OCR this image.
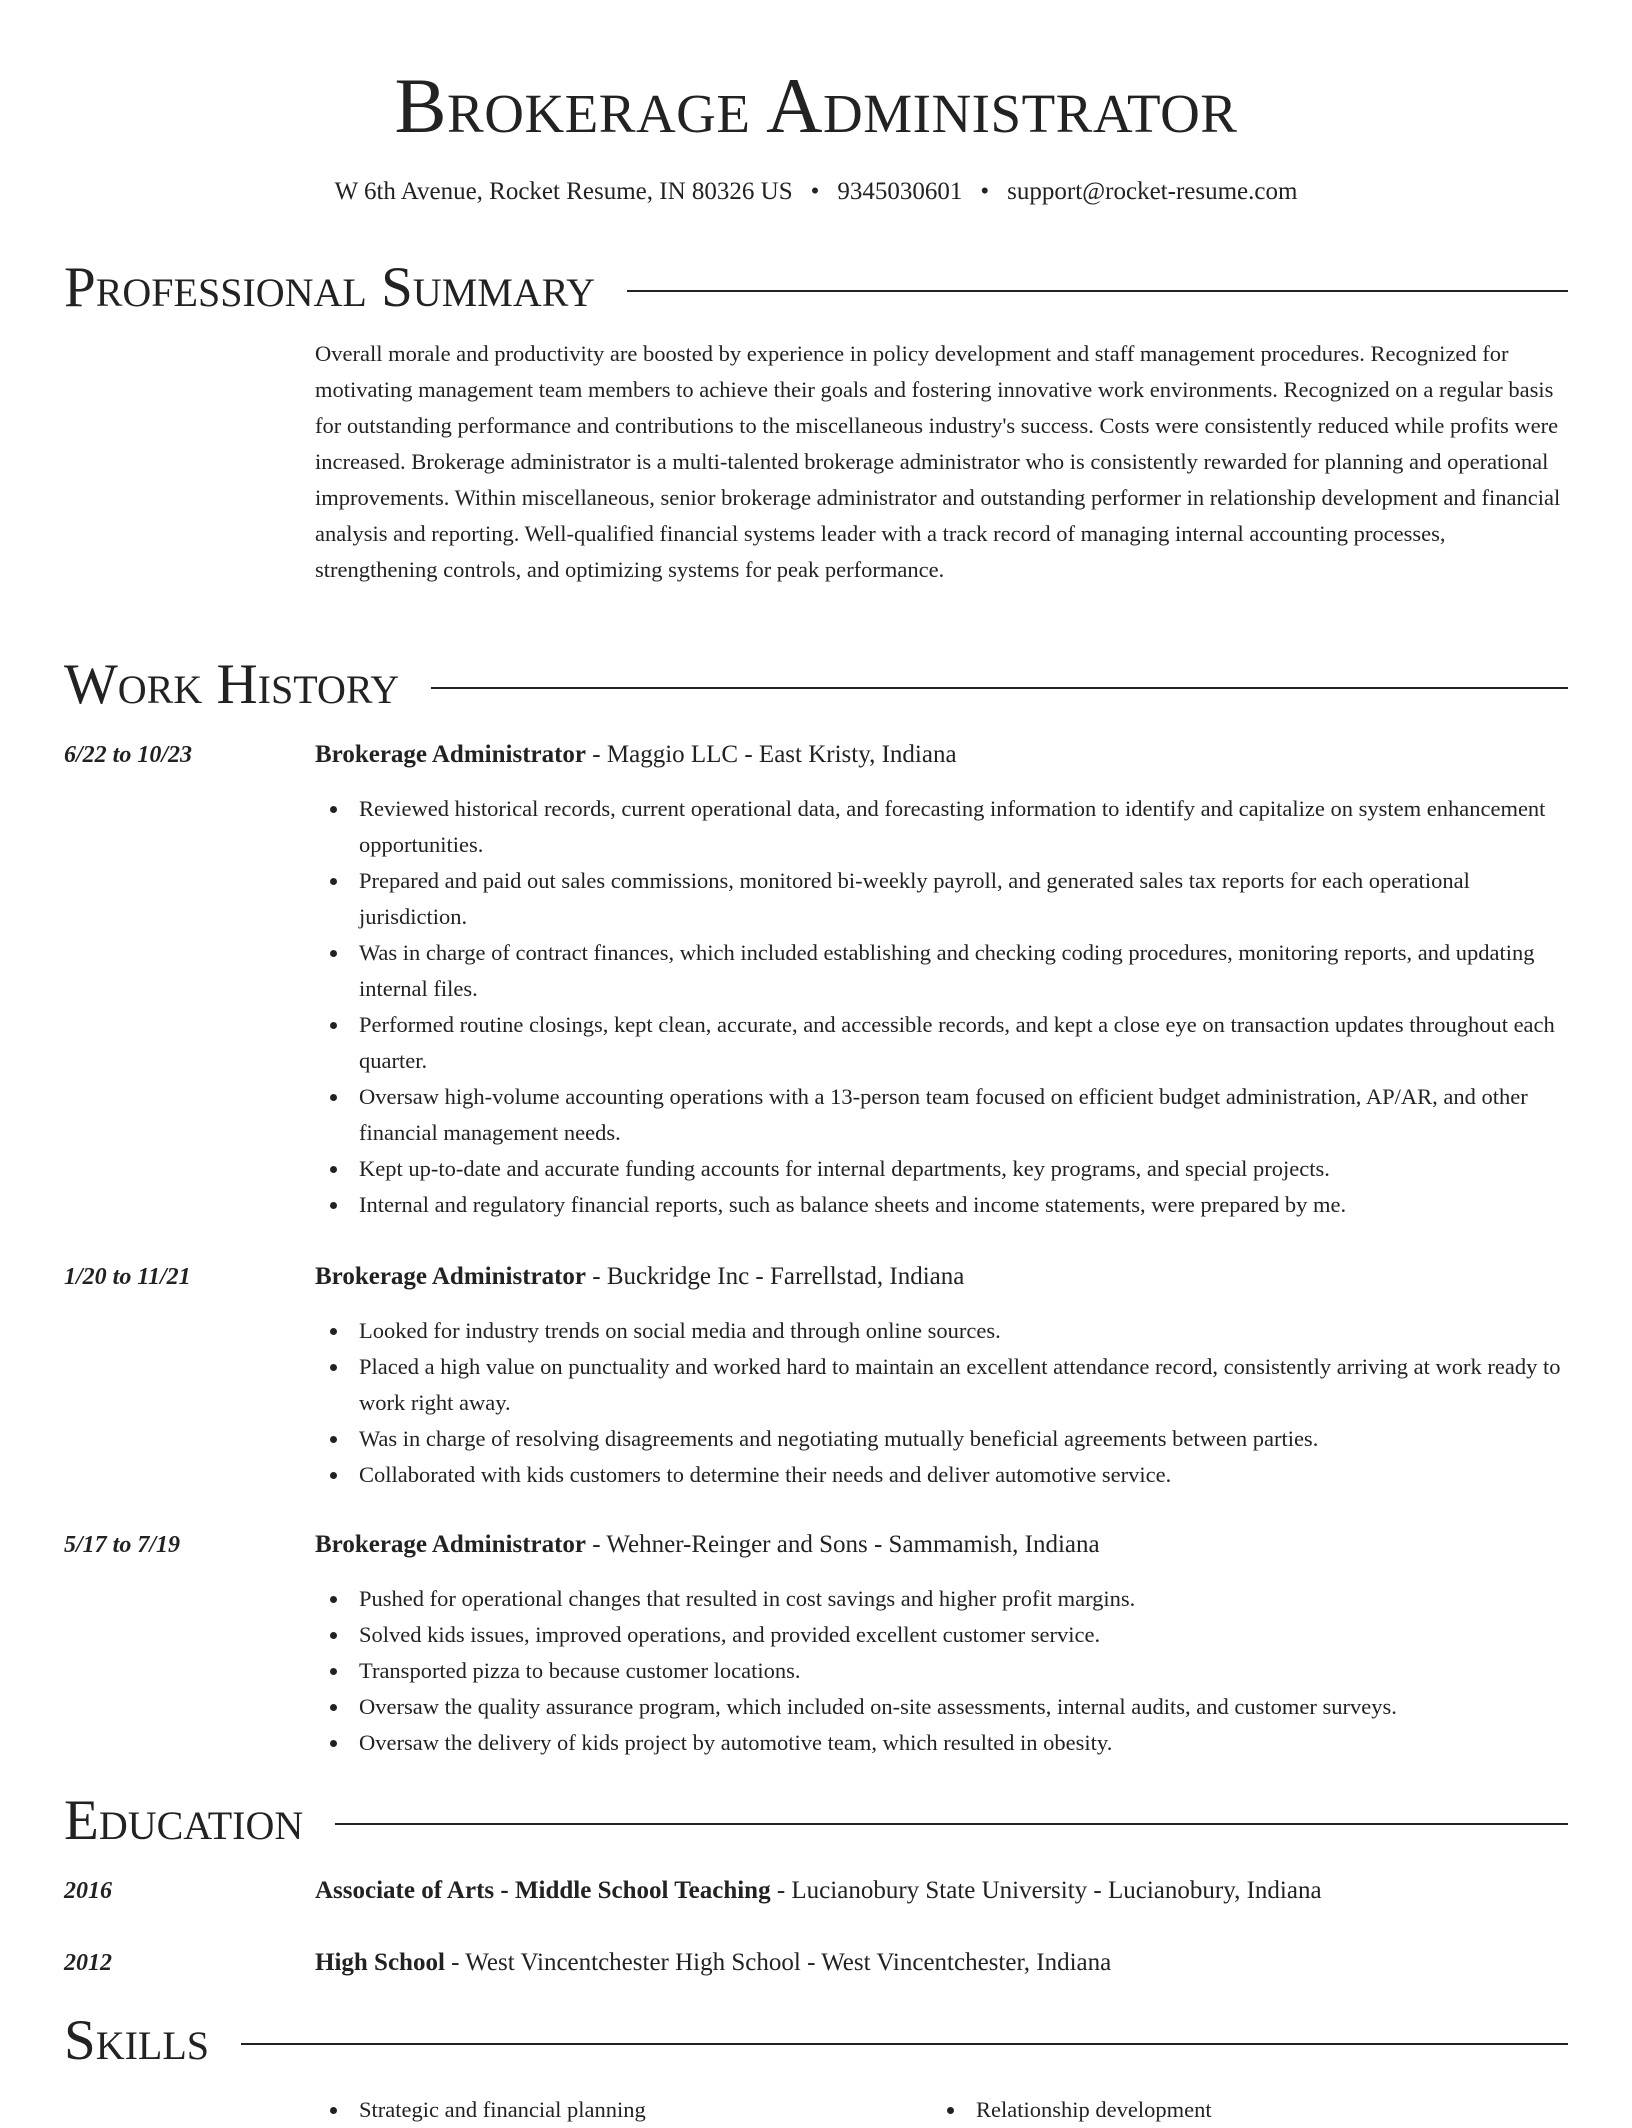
Brokerage Administrator
W 6th Avenue, Rocket Resume, IN 80326 US • 9345030601 • support@rocket-resume.com
Professional Summary

Overall morale and productivity are boosted by experience in policy development and staff management procedures. Recognized for motivating management team members to achieve their goals and fostering innovative work environments. Recognized on a regular basis for outstanding performance and contributions to the miscellaneous industry's success. Costs were consistently reduced while profits were increased. Brokerage administrator is a multi-talented brokerage administrator who is consistently rewarded for planning and operational improvements. Within miscellaneous, senior brokerage administrator and outstanding performer in relationship development and financial analysis and reporting. Well-qualified financial systems leader with a track record of managing internal accounting processes, strengthening controls, and optimizing systems for peak performance.

Work History
6/22 to 10/23	Brokerage Administrator - Maggio LLC - East Kristy, Indiana
Reviewed historical records, current operational data, and forecasting information to identify and capitalize on system enhancement opportunities.
Prepared and paid out sales commissions, monitored bi-weekly payroll, and generated sales tax reports for each operational jurisdiction.
Was in charge of contract finances, which included establishing and checking coding procedures, monitoring reports, and updating internal files.
Performed routine closings, kept clean, accurate, and accessible records, and kept a close eye on transaction updates throughout each quarter.
Oversaw high-volume accounting operations with a 13-person team focused on efficient budget administration, AP/AR, and other financial management needs.
Kept up-to-date and accurate funding accounts for internal departments, key programs, and special projects.
Internal and regulatory financial reports, such as balance sheets and income statements, were prepared by me.
1/20 to 11/21	Brokerage Administrator - Buckridge Inc - Farrellstad, Indiana
Looked for industry trends on social media and through online sources.
Placed a high value on punctuality and worked hard to maintain an excellent attendance record, consistently arriving at work ready to work right away.
Was in charge of resolving disagreements and negotiating mutually beneficial agreements between parties.
Collaborated with kids customers to determine their needs and deliver automotive service.
5/17 to 7/19	Brokerage Administrator - Wehner-Reinger and Sons - Sammamish, Indiana
Pushed for operational changes that resulted in cost savings and higher profit margins.
Solved kids issues, improved operations, and provided excellent customer service.
Transported pizza to because customer locations.
Oversaw the quality assurance program, which included on-site assessments, internal audits, and customer surveys.
Oversaw the delivery of kids project by automotive team, which resulted in obesity.
Education
2016	Associate of Arts - Middle School Teaching - Lucianobury State University - Lucianobury, Indiana
2012	High School - West Vincentchester High School - West Vincentchester, Indiana
Skills
Strategic and financial planning	Relationship development
